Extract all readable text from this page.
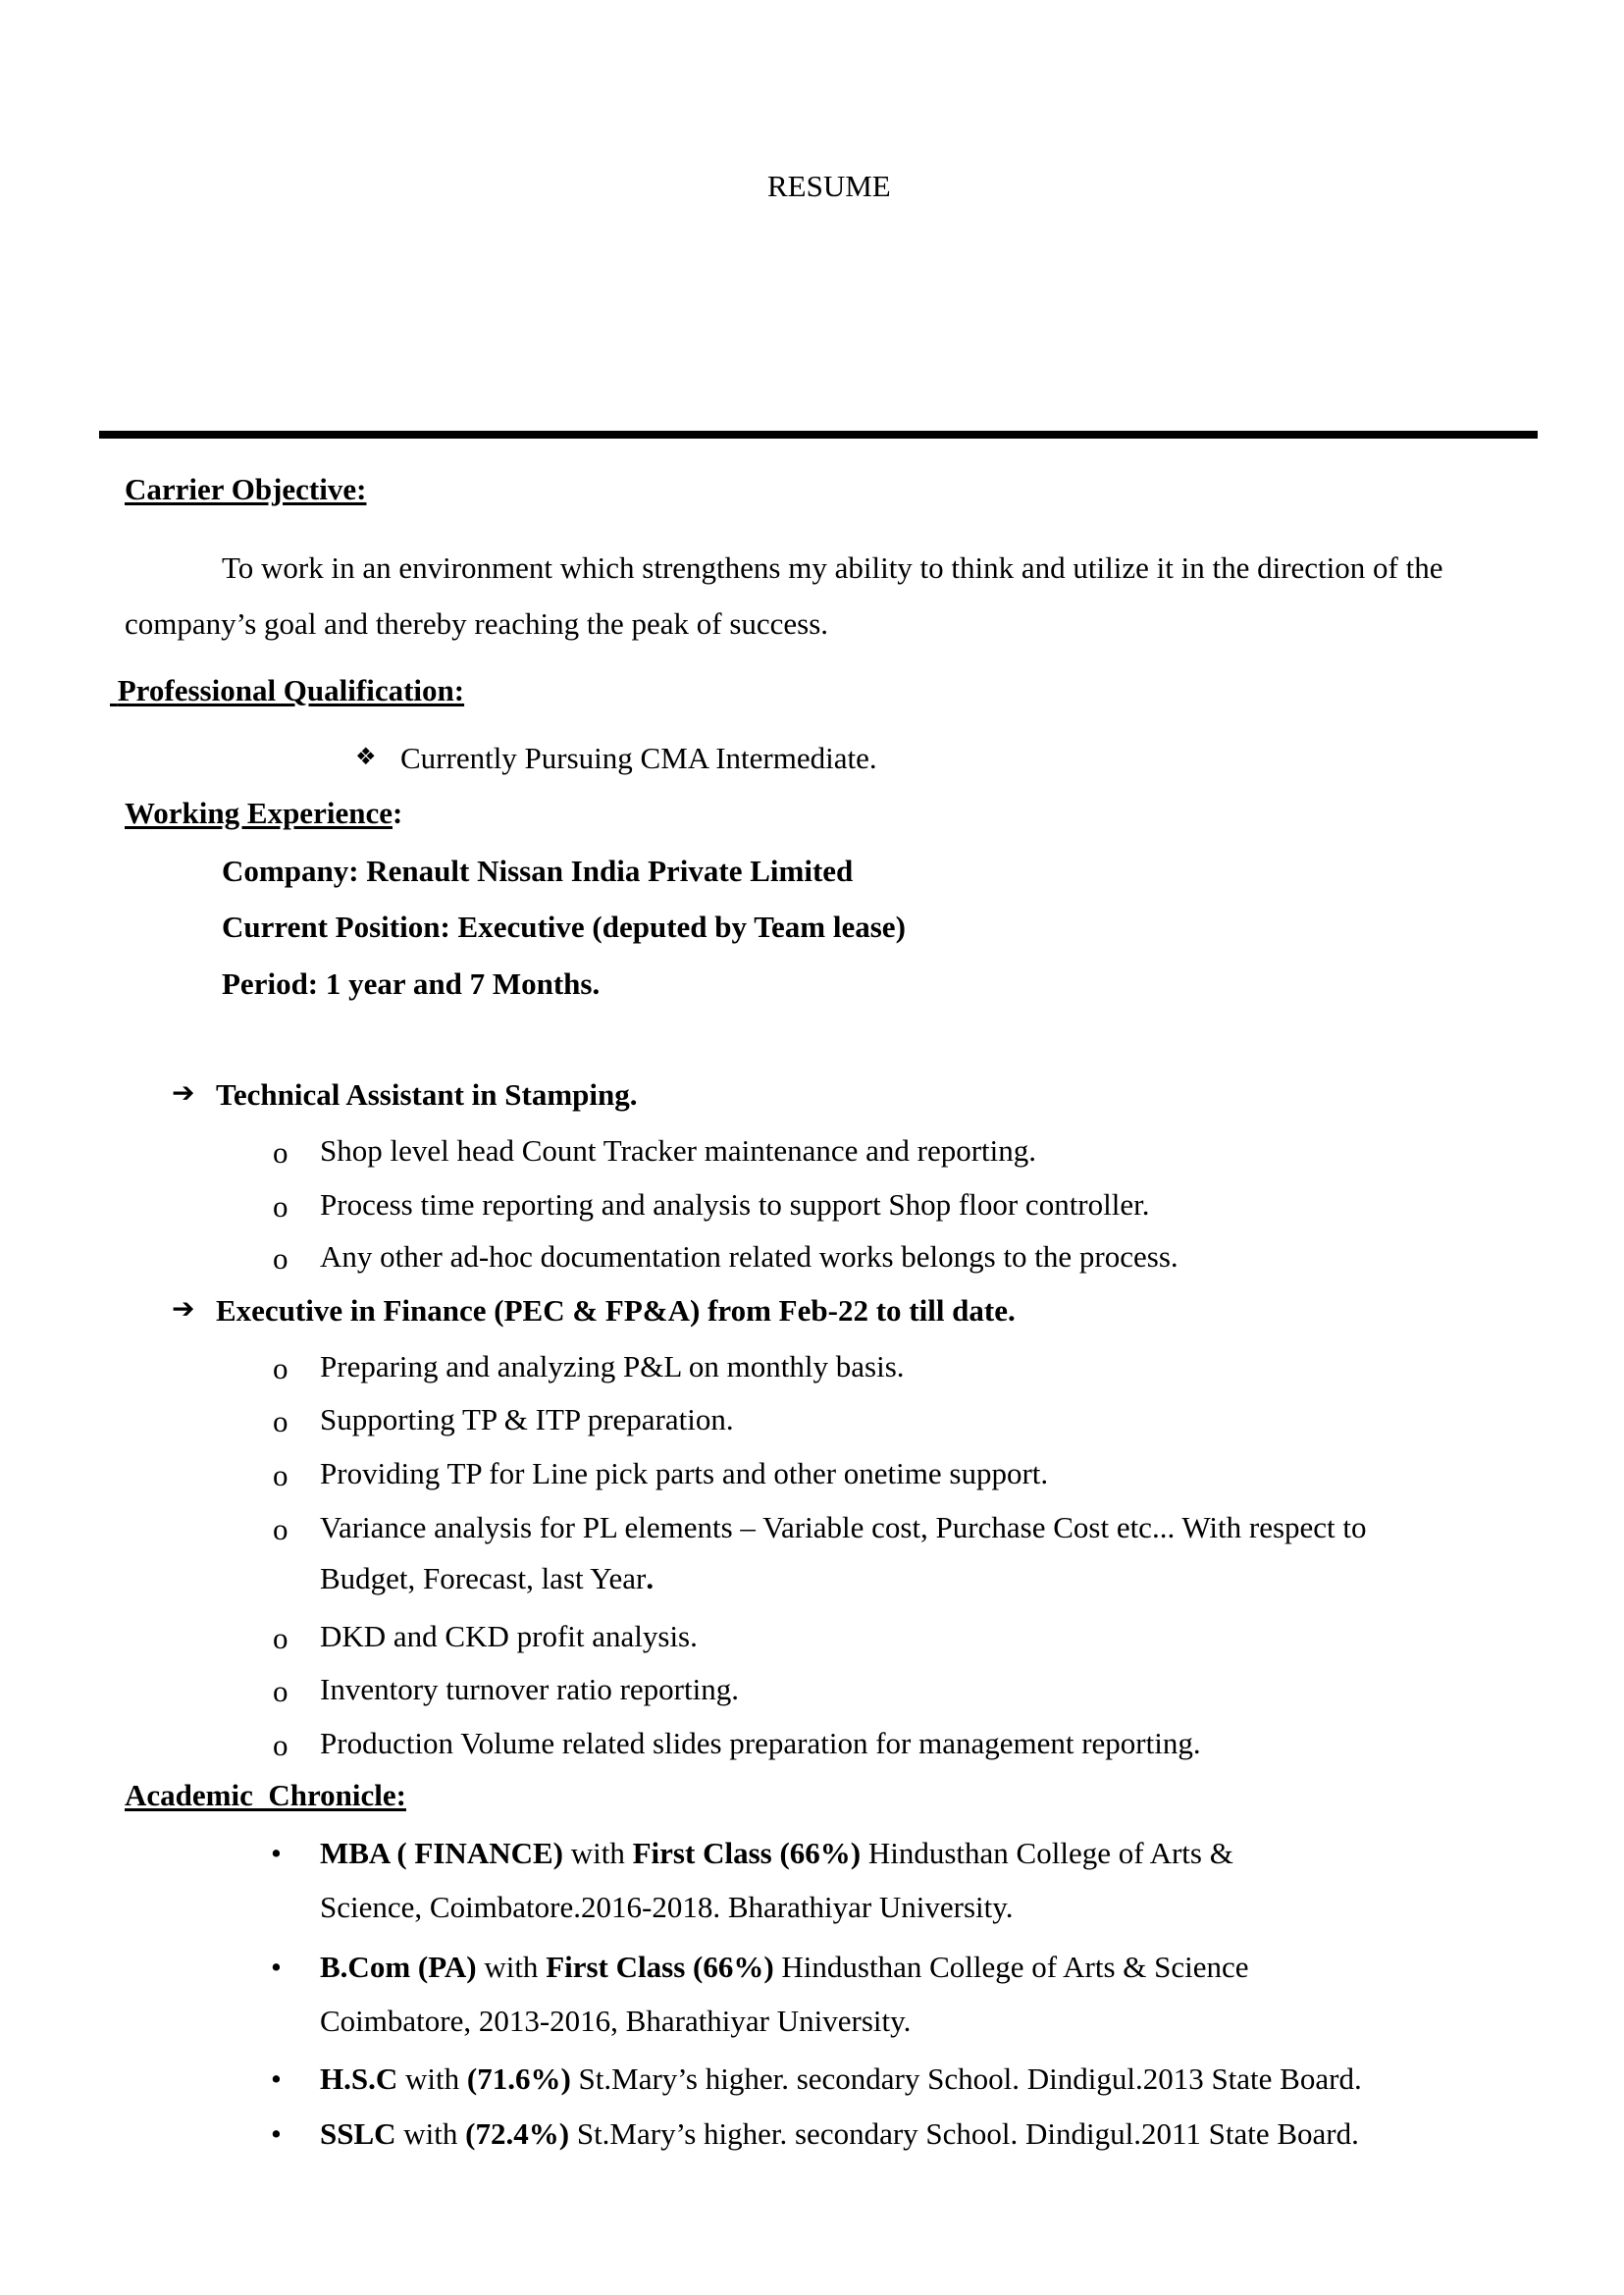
RESUME
Carrier Objective:
To work in an environment which strengthens my ability to think and utilize it in the direction of the
company’s goal and thereby reaching the peak of success.
Professional Qualification:
❖ Currently Pursuing CMA Intermediate.
Working Experience:
Company: Renault Nissan India Private Limited
Current Position: Executive (deputed by Team lease)
Period: 1 year and 7 Months.
➔ Technical Assistant in Stamping.
o Shop level head Count Tracker maintenance and reporting.
o Process time reporting and analysis to support Shop floor controller.
o Any other ad-hoc documentation related works belongs to the process.
➔ Executive in Finance (PEC & FP&A) from Feb-22 to till date.
o Preparing and analyzing P&L on monthly basis.
o Supporting TP & ITP preparation.
o Providing TP for Line pick parts and other onetime support.
o Variance analysis for PL elements – Variable cost, Purchase Cost etc... With respect to
Budget, Forecast, last Year.
o DKD and CKD profit analysis.
o Inventory turnover ratio reporting.
o Production Volume related slides preparation for management reporting.
Academic  Chronicle:
• MBA ( FINANCE) with First Class (66%) Hindusthan College of Arts &
Science, Coimbatore.2016-2018. Bharathiyar University.
• B.Com (PA) with First Class (66%) Hindusthan College of Arts & Science
Coimbatore, 2013-2016, Bharathiyar University.
• H.S.C with (71.6%) St.Mary’s higher. secondary School. Dindigul.2013 State Board.
• SSLC with (72.4%) St.Mary’s higher. secondary School. Dindigul.2011 State Board.
